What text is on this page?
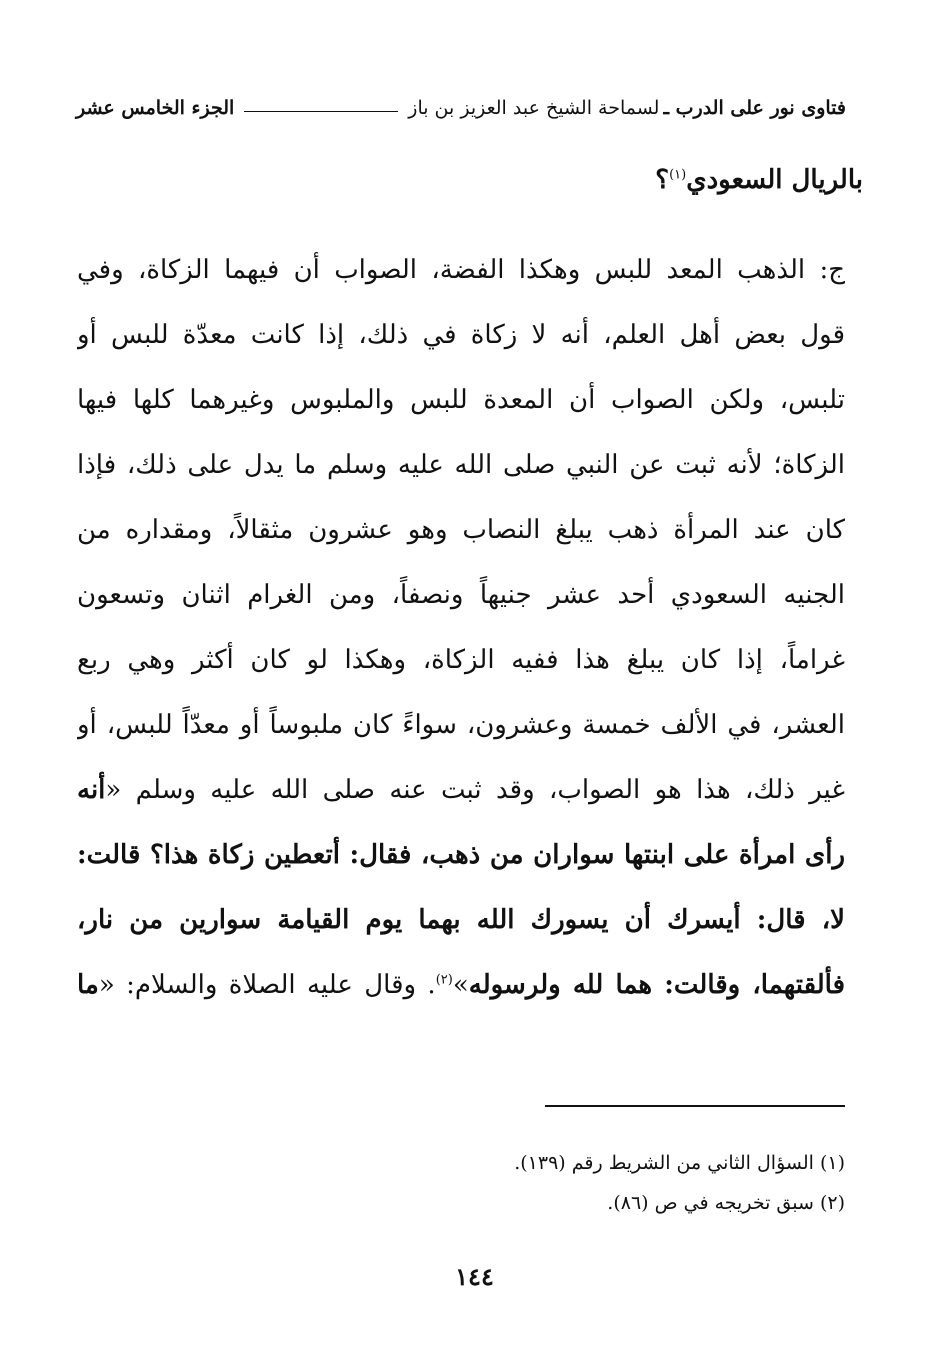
فتاوى نور على الدرب ـ
لسماحة الشيخ عبد العزيز بن باز
الجزء الخامس عشر
بالريال السعودي$^{(١)}$؟
ج: الذهب المعد للبس وهكذا الفضة، الصواب أن فيهما الزكاة، وفي
قول بعض أهل العلم، أنه لا زكاة في ذلك، إذا كانت معدّة للبس أو
تلبس، ولكن الصواب أن المعدة للبس والملبوس وغيرهما كلها فيها
الزكاة؛ لأنه ثبت عن النبي صلى الله عليه وسلم ما يدل على ذلك، فإذا
كان عند المرأة ذهب يبلغ النصاب وهو عشرون مثقالاً، ومقداره من
الجنيه السعودي أحد عشر جنيهاً ونصفاً، ومن الغرام اثنان وتسعون
غراماً، إذا كان يبلغ هذا ففيه الزكاة، وهكذا لو كان أكثر وهي ربع
العشر، في الألف خمسة وعشرون، سواءً كان ملبوساً أو معدّاً للبس، أو
غير ذلك، هذا هو الصواب، وقد ثبت عنه صلى الله عليه وسلم «أنه
رأى امرأة على ابنتها سواران من ذهب، فقال: أتعطين زكاة هذا؟ قالت:
لا، قال: أيسرك أن يسورك الله بهما يوم القيامة سوارين من نار،
فألقتهما، وقالت: هما لله ولرسوله»$^{(٢)}$. وقال عليه الصلاة والسلام: «ما
(١) السؤال الثاني من الشريط رقم (١٣٩).
(٢) سبق تخريجه في ص (٨٦).
١٤٤
